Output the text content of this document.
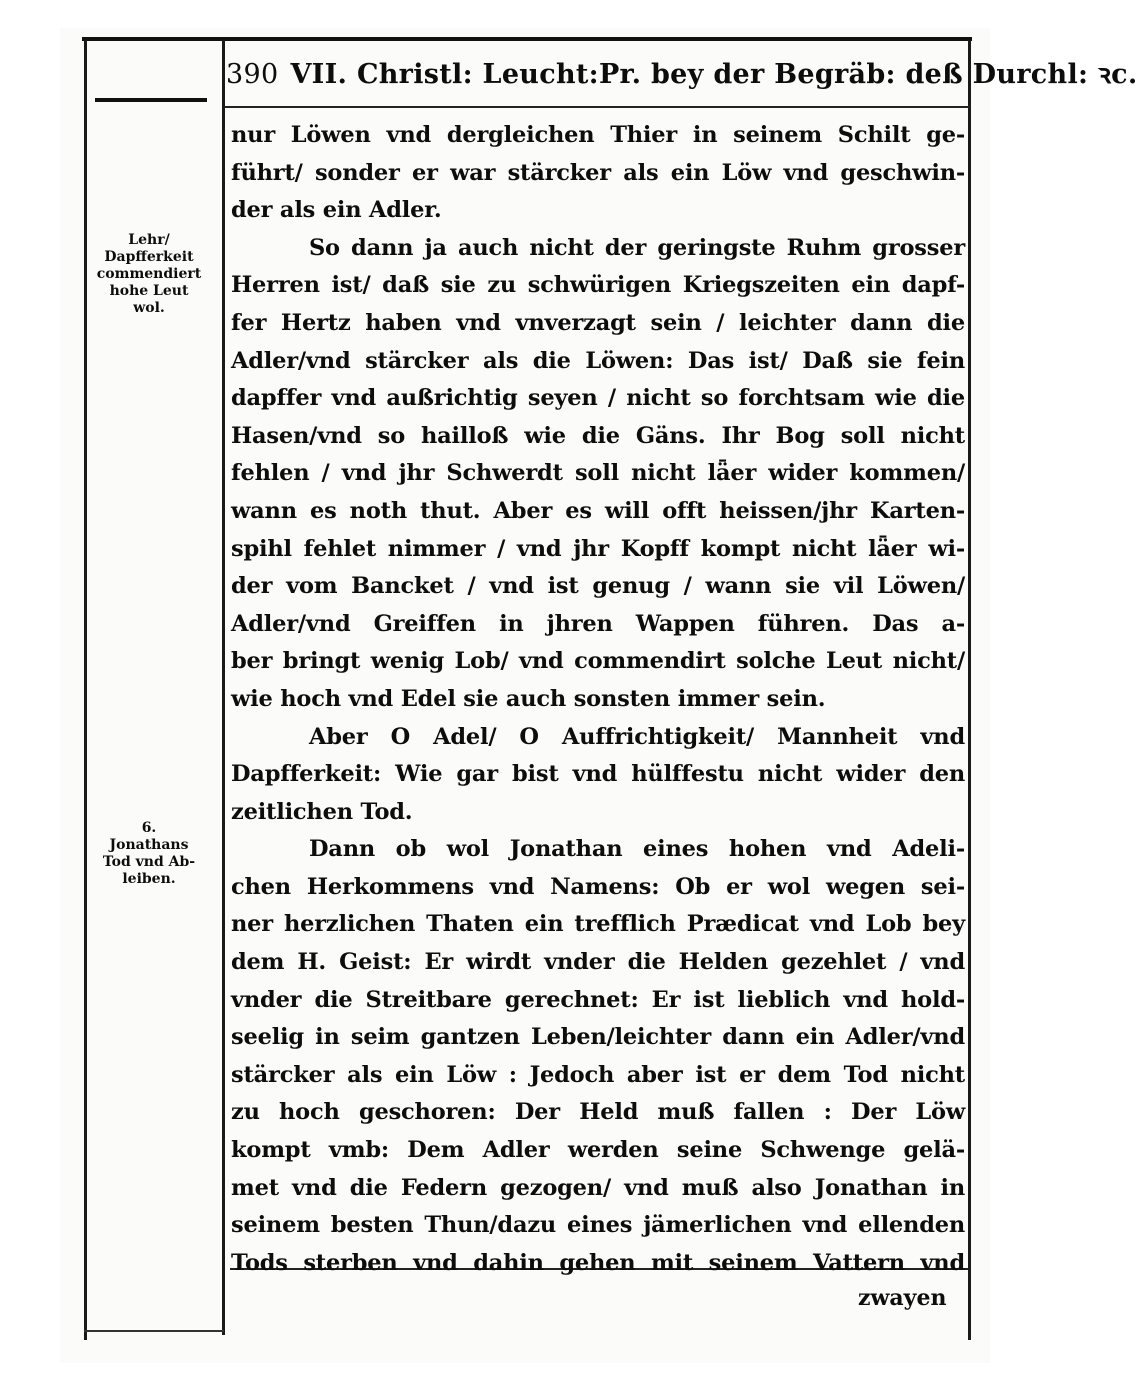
390 VII. Christl: Leucht:Pr. bey der Begräb: deß Durchl: ꝛc.
Lehr/
Dapfferkeit
commendiert
hohe Leut
wol.
6.
Jonathans
Tod vnd Ab-
leiben.
nur Löwen vnd dergleichen Thier in seinem Schilt ge-
führt/ sonder er war stärcker als ein Löw vnd geschwin-
der als ein Adler.
So dann ja auch nicht der geringste Ruhm grosser
Herren ist/ daß sie zu schwürigen Kriegszeiten ein dapf-
fer Hertz haben vnd vnverzagt sein / leichter dann die
Adler/vnd stärcker als die Löwen: Das ist/ Daß sie fein
dapffer vnd außrichtig seyen / nicht so forchtsam wie die
Hasen/vnd so hailloß wie die Gäns. Ihr Bog soll nicht
fehlen / vnd jhr Schwerdt soll nicht lǟer wider kommen/
wann es noth thut. Aber es will offt heissen/jhr Karten-
spihl fehlet nimmer / vnd jhr Kopff kompt nicht lǟer wi-
der vom Bancket / vnd ist genug / wann sie vil Löwen/
Adler/vnd Greiffen in jhren Wappen führen. Das a-
ber bringt wenig Lob/ vnd commendirt solche Leut nicht/
wie hoch vnd Edel sie auch sonsten immer sein.
Aber O Adel/ O Auffrichtigkeit/ Mannheit vnd
Dapfferkeit: Wie gar bist vnd hülffestu nicht wider den
zeitlichen Tod.
Dann ob wol Jonathan eines hohen vnd Adeli-
chen Herkommens vnd Namens: Ob er wol wegen sei-
ner herzlichen Thaten ein trefflich Prædicat vnd Lob bey
dem H. Geist: Er wirdt vnder die Helden gezehlet / vnd
vnder die Streitbare gerechnet: Er ist lieblich vnd hold-
seelig in seim gantzen Leben/leichter dann ein Adler/vnd
stärcker als ein Löw : Jedoch aber ist er dem Tod nicht
zu hoch geschoren: Der Held muß fallen : Der Löw
kompt vmb: Dem Adler werden seine Schwenge gelä-
met vnd die Federn gezogen/ vnd muß also Jonathan in
seinem besten Thun/dazu eines jämerlichen vnd ellenden
Tods sterben vnd dahin gehen mit seinem Vattern vnd
zwayen
